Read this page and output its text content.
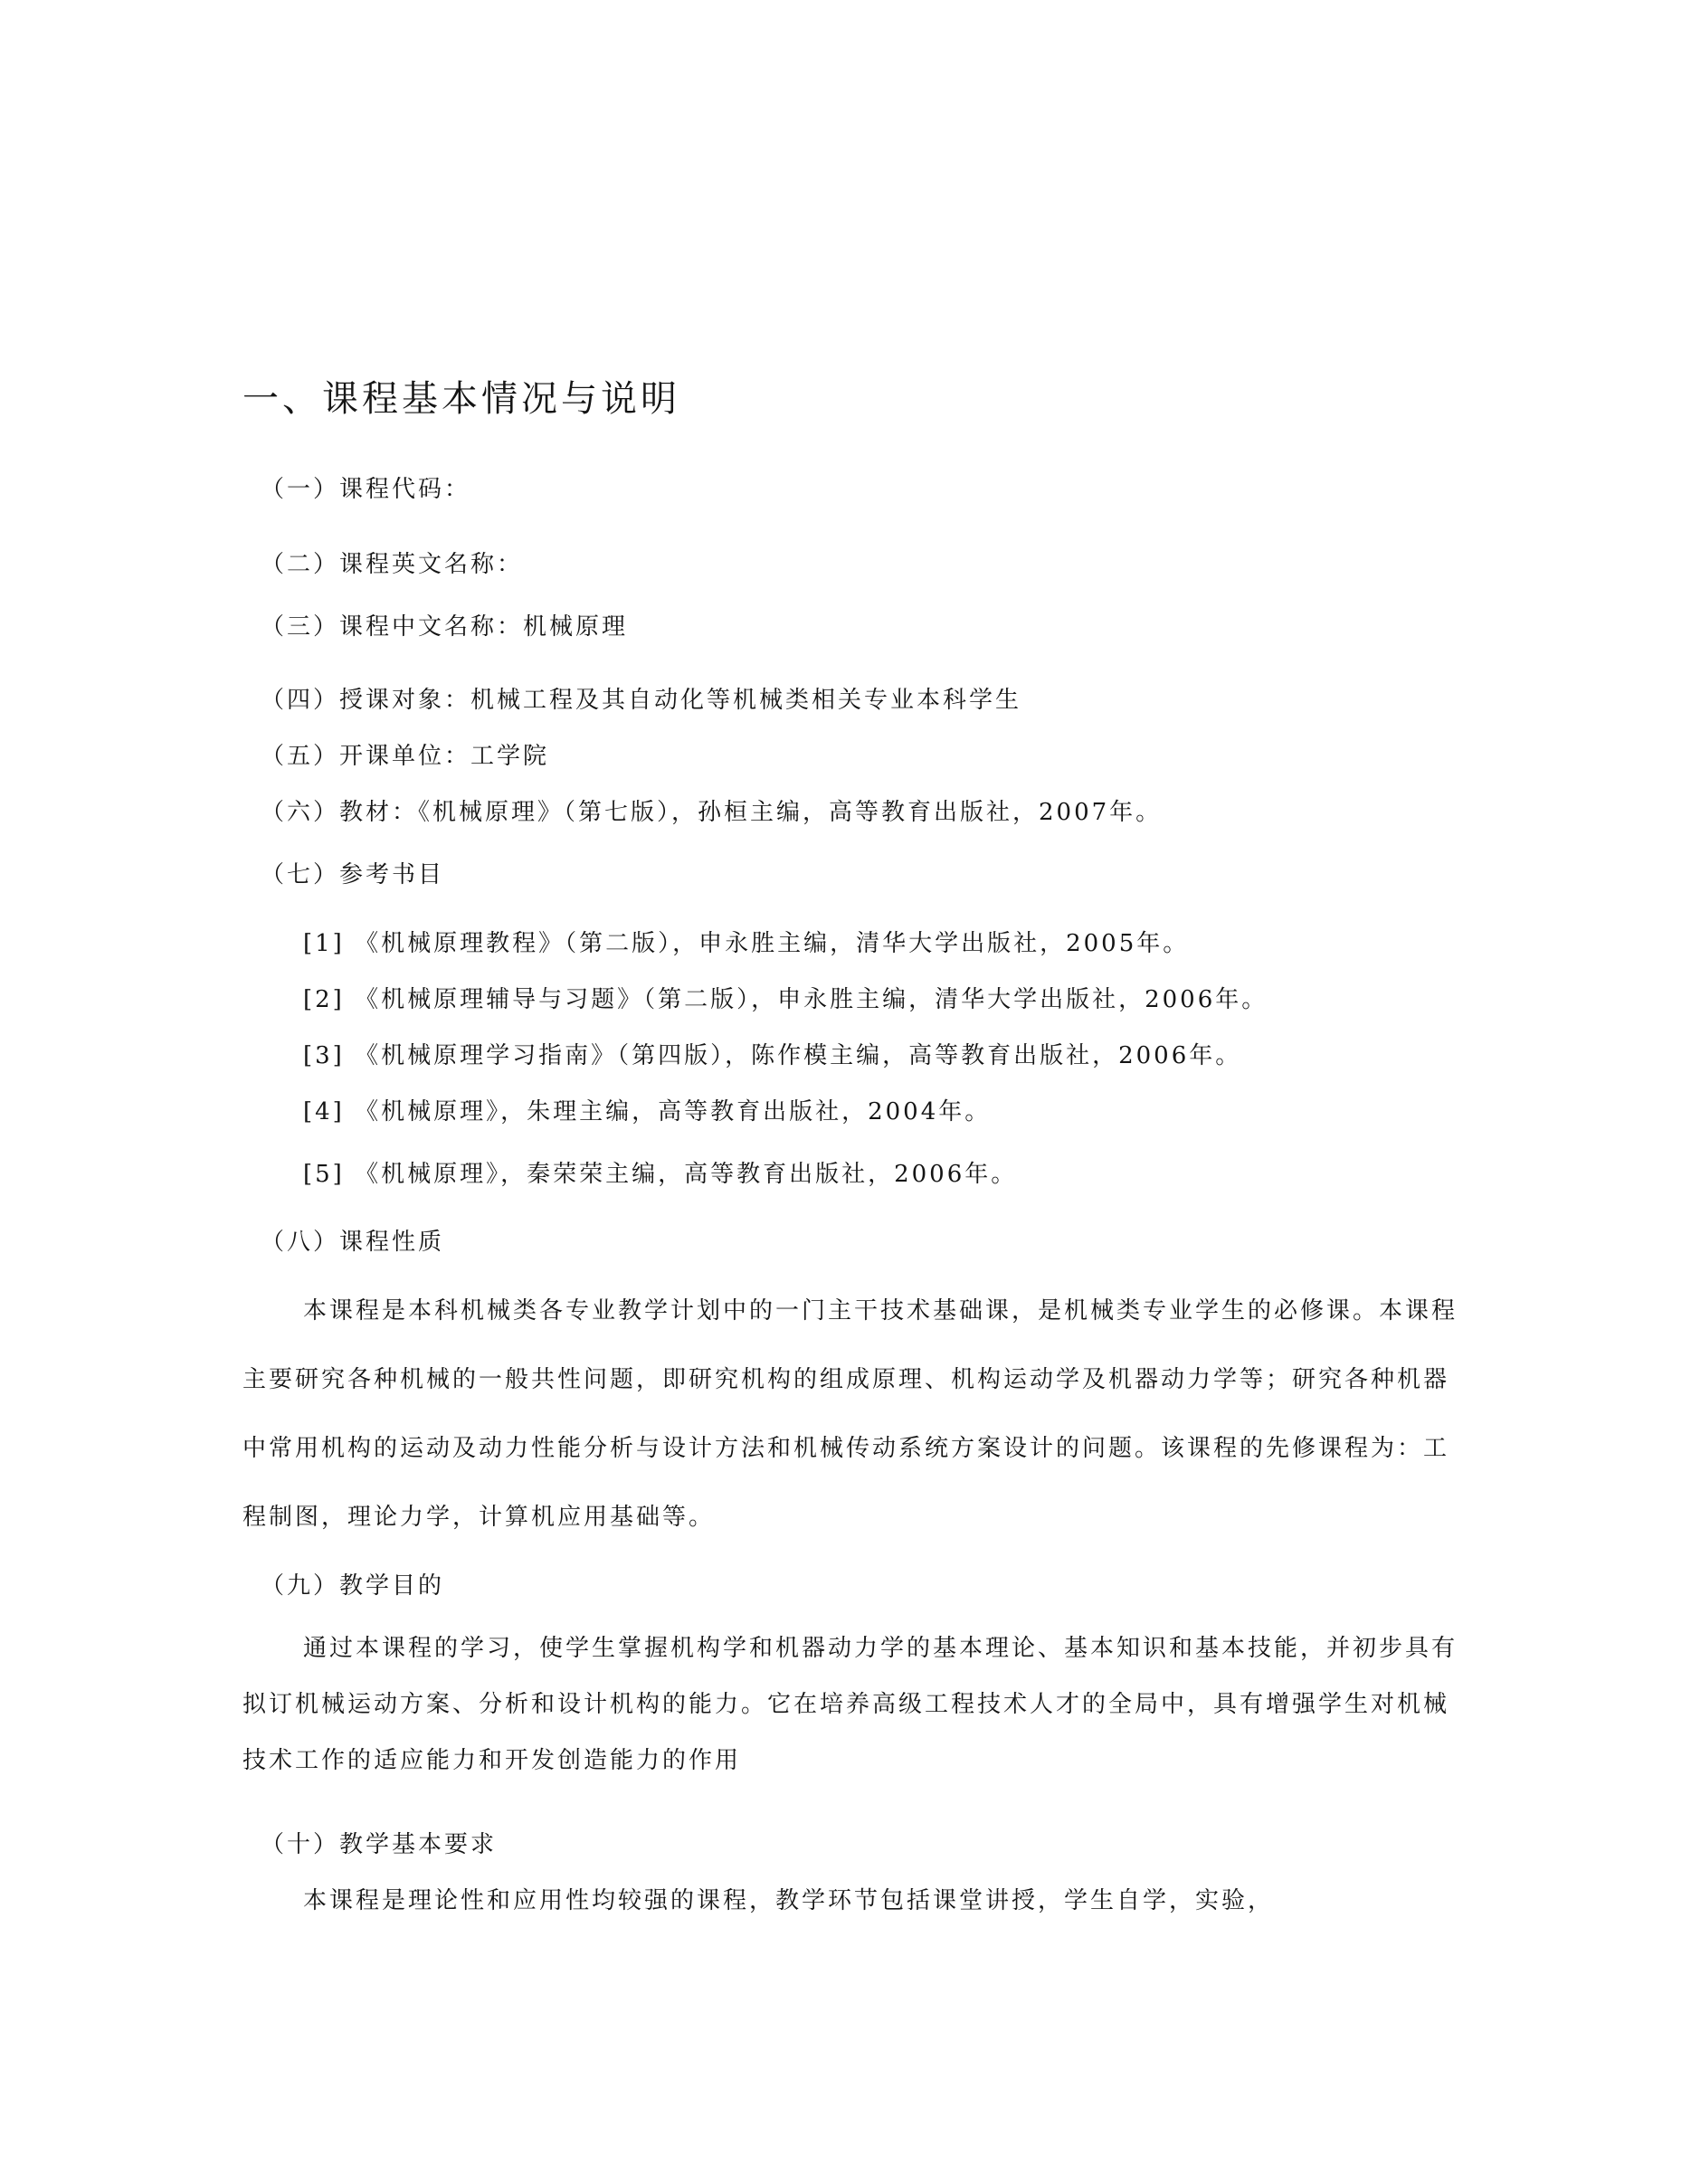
一、课程基本情况与说明
（一）课程代码：
（二）课程英文名称：
（三）课程中文名称：机械原理
（四）授课对象：机械工程及其自动化等机械类相关专业本科学生
（五）开课单位：工学院
（六）教材：《机械原理》（第七版），孙桓主编，高等教育出版社，2007年。
（七）参考书目
[1] 《机械原理教程》（第二版），申永胜主编，清华大学出版社，2005年。
[2] 《机械原理辅导与习题》（第二版），申永胜主编，清华大学出版社，2006年。
[3] 《机械原理学习指南》（第四版），陈作模主编，高等教育出版社，2006年。
[4] 《机械原理》，朱理主编，高等教育出版社，2004年。
[5] 《机械原理》，秦荣荣主编，高等教育出版社，2006年。
（八）课程性质
本课程是本科机械类各专业教学计划中的一门主干技术基础课，是机械类专业学生的必修课。本课程
主要研究各种机械的一般共性问题，即研究机构的组成原理、机构运动学及机器动力学等；研究各种机器
中常用机构的运动及动力性能分析与设计方法和机械传动系统方案设计的问题。该课程的先修课程为：工
程制图，理论力学，计算机应用基础等。
（九）教学目的
通过本课程的学习，使学生掌握机构学和机器动力学的基本理论、基本知识和基本技能，并初步具有
拟订机械运动方案、分析和设计机构的能力。它在培养高级工程技术人才的全局中，具有增强学生对机械
技术工作的适应能力和开发创造能力的作用
（十）教学基本要求
本课程是理论性和应用性均较强的课程，教学环节包括课堂讲授，学生自学，实验，
